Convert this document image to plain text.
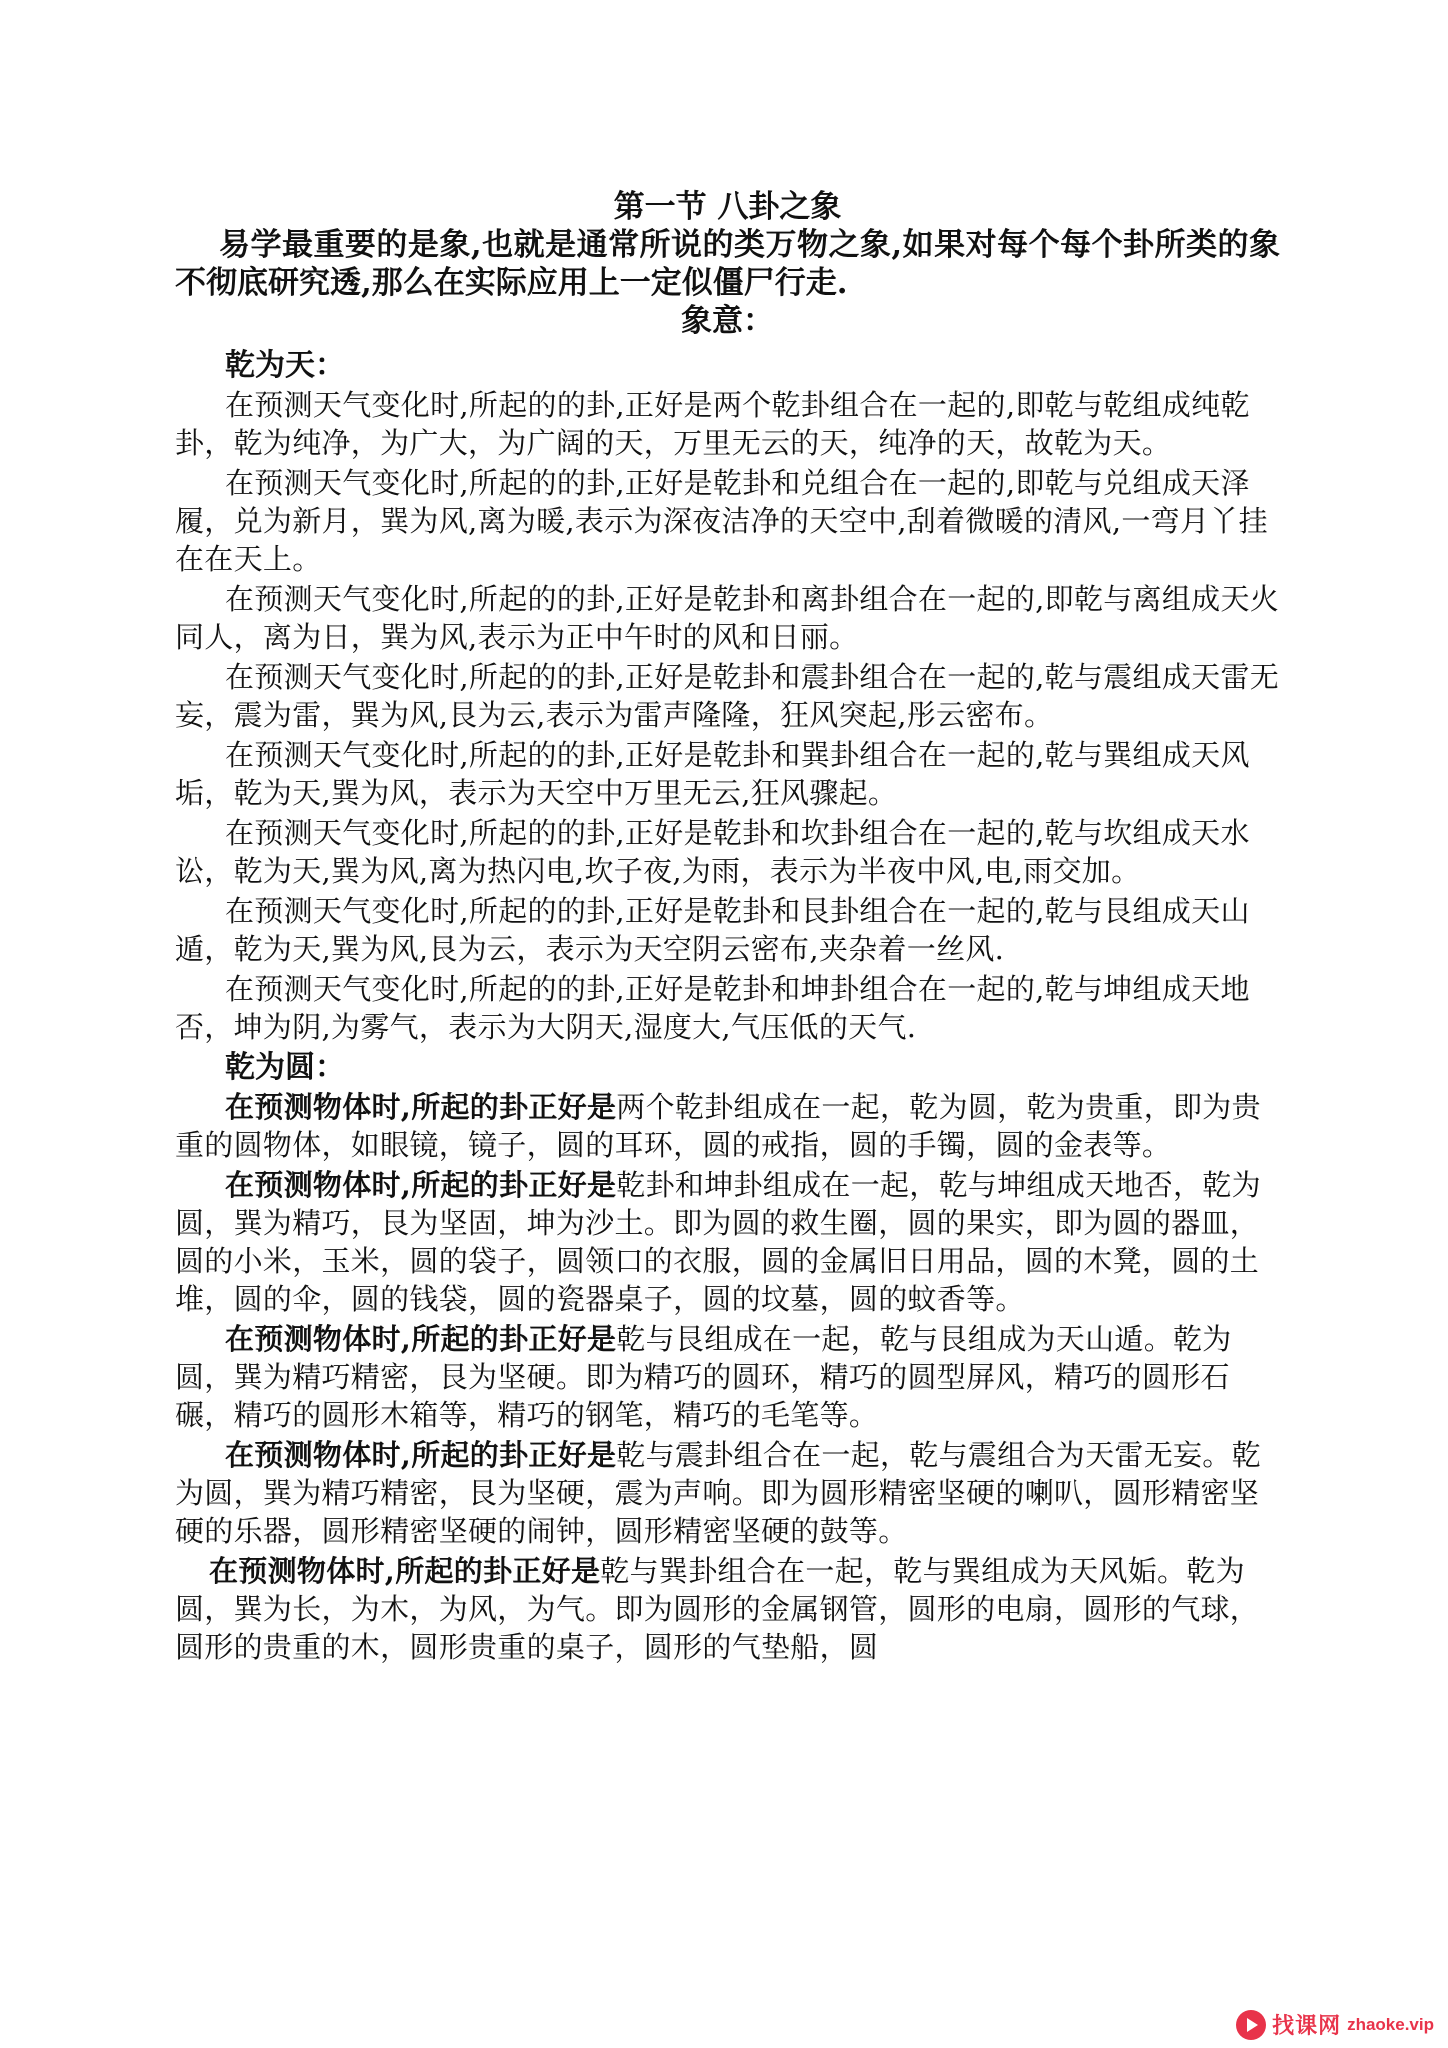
第一节 八卦之象

易学最重要的是象,也就是通常所说的类万物之象,如果对每个每个卦所类的象不彻底研究透,那么在实际应用上一定似僵尸行走.

象意：

乾为天：

在预测天气变化时,所起的的卦,正好是两个乾卦组合在一起的,即乾与乾组成纯乾卦，乾为纯净，为广大，为广阔的天，万里无云的天，纯净的天，故乾为天。

在预测天气变化时,所起的的卦,正好是乾卦和兑组合在一起的,即乾与兑组成天泽履，兑为新月，巽为风,离为暖,表示为深夜洁净的天空中,刮着微暖的清风,一弯月丫挂在在天上。

在预测天气变化时,所起的的卦,正好是乾卦和离卦组合在一起的,即乾与离组成天火同人，离为日，巽为风,表示为正中午时的风和日丽。

在预测天气变化时,所起的的卦,正好是乾卦和震卦组合在一起的,乾与震组成天雷无妄，震为雷，巽为风,艮为云,表示为雷声隆隆，狂风突起,彤云密布。

在预测天气变化时,所起的的卦,正好是乾卦和巽卦组合在一起的,乾与巽组成天风垢，乾为天,巽为风，表示为天空中万里无云,狂风骤起。

在预测天气变化时,所起的的卦,正好是乾卦和坎卦组合在一起的,乾与坎组成天水讼，乾为天,巽为风,离为热闪电,坎子夜,为雨，表示为半夜中风,电,雨交加。

在预测天气变化时,所起的的卦,正好是乾卦和艮卦组合在一起的,乾与艮组成天山遁，乾为天,巽为风,艮为云，表示为天空阴云密布,夹杂着一丝风.

在预测天气变化时,所起的的卦,正好是乾卦和坤卦组合在一起的,乾与坤组成天地否，坤为阴,为雾气，表示为大阴天,湿度大,气压低的天气.

乾为圆：

在预测物体时,所起的卦正好是两个乾卦组成在一起，乾为圆，乾为贵重，即为贵重的圆物体，如眼镜，镜子，圆的耳环，圆的戒指，圆的手镯，圆的金表等。

在预测物体时,所起的卦正好是乾卦和坤卦组成在一起，乾与坤组成天地否，乾为圆，巽为精巧，艮为坚固，坤为沙土。即为圆的救生圈，圆的果实，即为圆的器皿，圆的小米，玉米，圆的袋子，圆领口的衣服，圆的金属旧日用品，圆的木凳，圆的土堆，圆的伞，圆的钱袋，圆的瓷器桌子，圆的坟墓，圆的蚊香等。

在预测物体时,所起的卦正好是乾与艮组成在一起，乾与艮组成为天山遁。乾为圆，巽为精巧精密，艮为坚硬。即为精巧的圆环，精巧的圆型屏风，精巧的圆形石碾，精巧的圆形木箱等，精巧的钢笔，精巧的毛笔等。

在预测物体时,所起的卦正好是乾与震卦组合在一起，乾与震组合为天雷无妄。乾为圆，巽为精巧精密，艮为坚硬，震为声响。即为圆形精密坚硬的喇叭，圆形精密坚硬的乐器，圆形精密坚硬的闹钟，圆形精密坚硬的鼓等。

在预测物体时,所起的卦正好是乾与巽卦组合在一起，乾与巽组成为天风姤。乾为圆，巽为长，为木，为风，为气。即为圆形的金属钢管，圆形的电扇，圆形的气球，圆形的贵重的木，圆形贵重的桌子，圆形的气垫船，圆

找课网 zhaoke.vip
